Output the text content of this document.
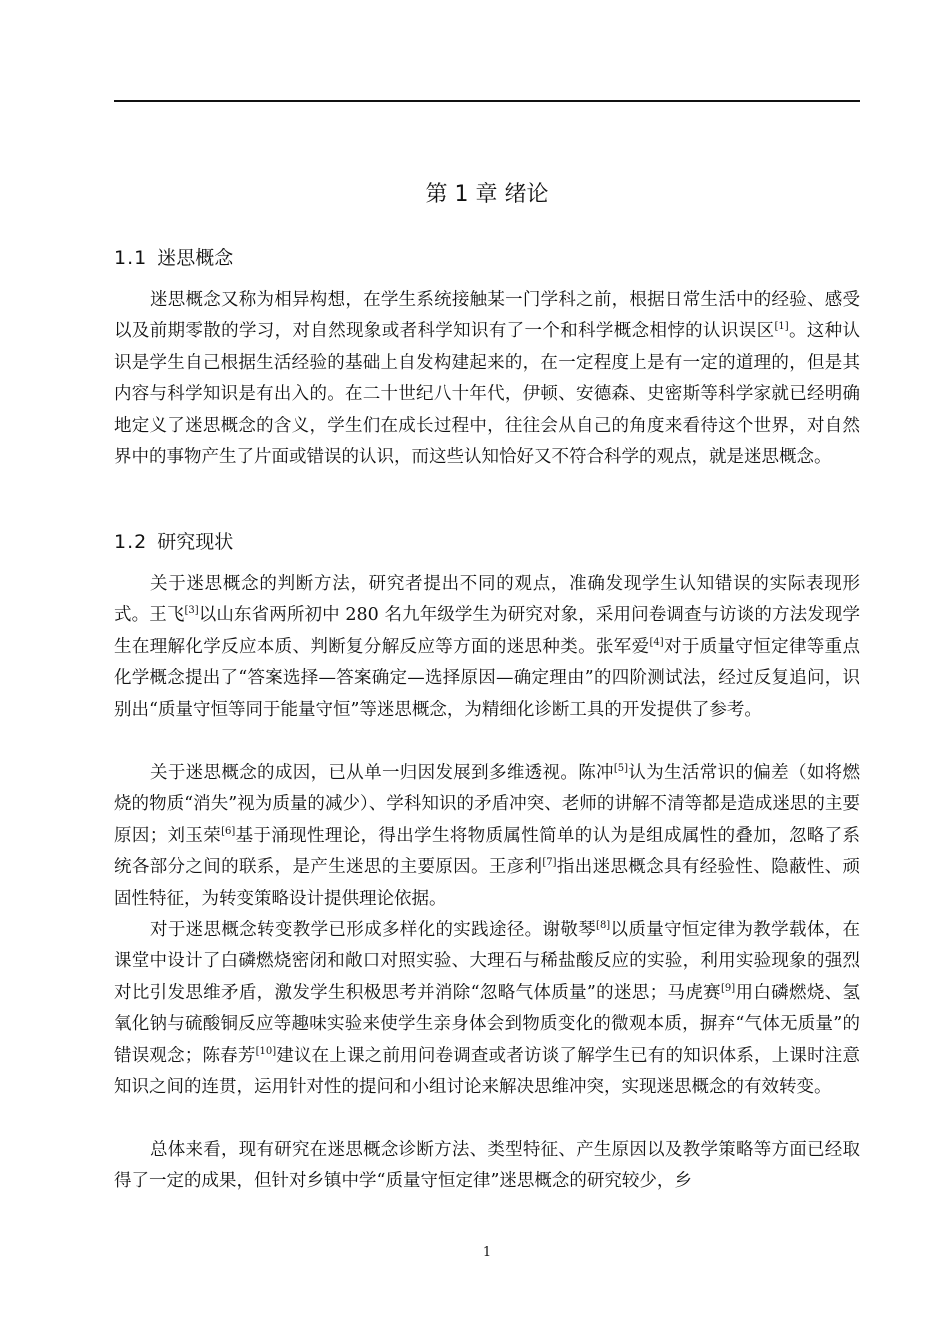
第 1 章 绪论
1.1 迷思概念

迷思概念又称为相异构想，在学生系统接触某一门学科之前，根据日常生活中的经验、感受以及前期零散的学习，对自然现象或者科学知识有了一个和科学概念相悖的认识误区[1]。这种认识是学生自己根据生活经验的基础上自发构建起来的，在一定程度上是有一定的道理的，但是其内容与科学知识是有出入的。在二十世纪八十年代，伊顿、安德森、史密斯等科学家就已经明确地定义了迷思概念的含义，学生们在成长过程中，往往会从自己的角度来看待这个世界，对自然界中的事物产生了片面或错误的认识，而这些认知恰好又不符合科学的观点，就是迷思概念。

1.2 研究现状

关于迷思概念的判断方法，研究者提出不同的观点，准确发现学生认知错误的实际表现形式。王飞[3]以山东省两所初中 280 名九年级学生为研究对象，采用问卷调查与访谈的方法发现学生在理解化学反应本质、判断复分解反应等方面的迷思种类。张军爱[4]对于质量守恒定律等重点化学概念提出了“答案选择—答案确定—选择原因—确定理由”的四阶测试法，经过反复追问，识别出“质量守恒等同于能量守恒”等迷思概念，为精细化诊断工具的开发提供了参考。

关于迷思概念的成因，已从单一归因发展到多维透视。陈冲[5]认为生活常识的偏差（如将燃烧的物质“消失”视为质量的减少）、学科知识的矛盾冲突、老师的讲解不清等都是造成迷思的主要原因；刘玉荣[6]基于涌现性理论，得出学生将物质属性简单的认为是组成属性的叠加，忽略了系统各部分之间的联系，是产生迷思的主要原因。王彦利[7]指出迷思概念具有经验性、隐蔽性、顽固性特征，为转变策略设计提供理论依据。

对于迷思概念转变教学已形成多样化的实践途径。谢敬琴[8]以质量守恒定律为教学载体，在课堂中设计了白磷燃烧密闭和敞口对照实验、大理石与稀盐酸反应的实验，利用实验现象的强烈对比引发思维矛盾，激发学生积极思考并消除“忽略气体质量”的迷思；马虎赛[9]用白磷燃烧、氢氧化钠与硫酸铜反应等趣味实验来使学生亲身体会到物质变化的微观本质，摒弃“气体无质量”的错误观念；陈春芳[10]建议在上课之前用问卷调查或者访谈了解学生已有的知识体系，上课时注意知识之间的连贯，运用针对性的提问和小组讨论来解决思维冲突，实现迷思概念的有效转变。

总体来看，现有研究在迷思概念诊断方法、类型特征、产生原因以及教学策略等方面已经取得了一定的成果，但针对乡镇中学“质量守恒定律”迷思概念的研究较少，乡

1
